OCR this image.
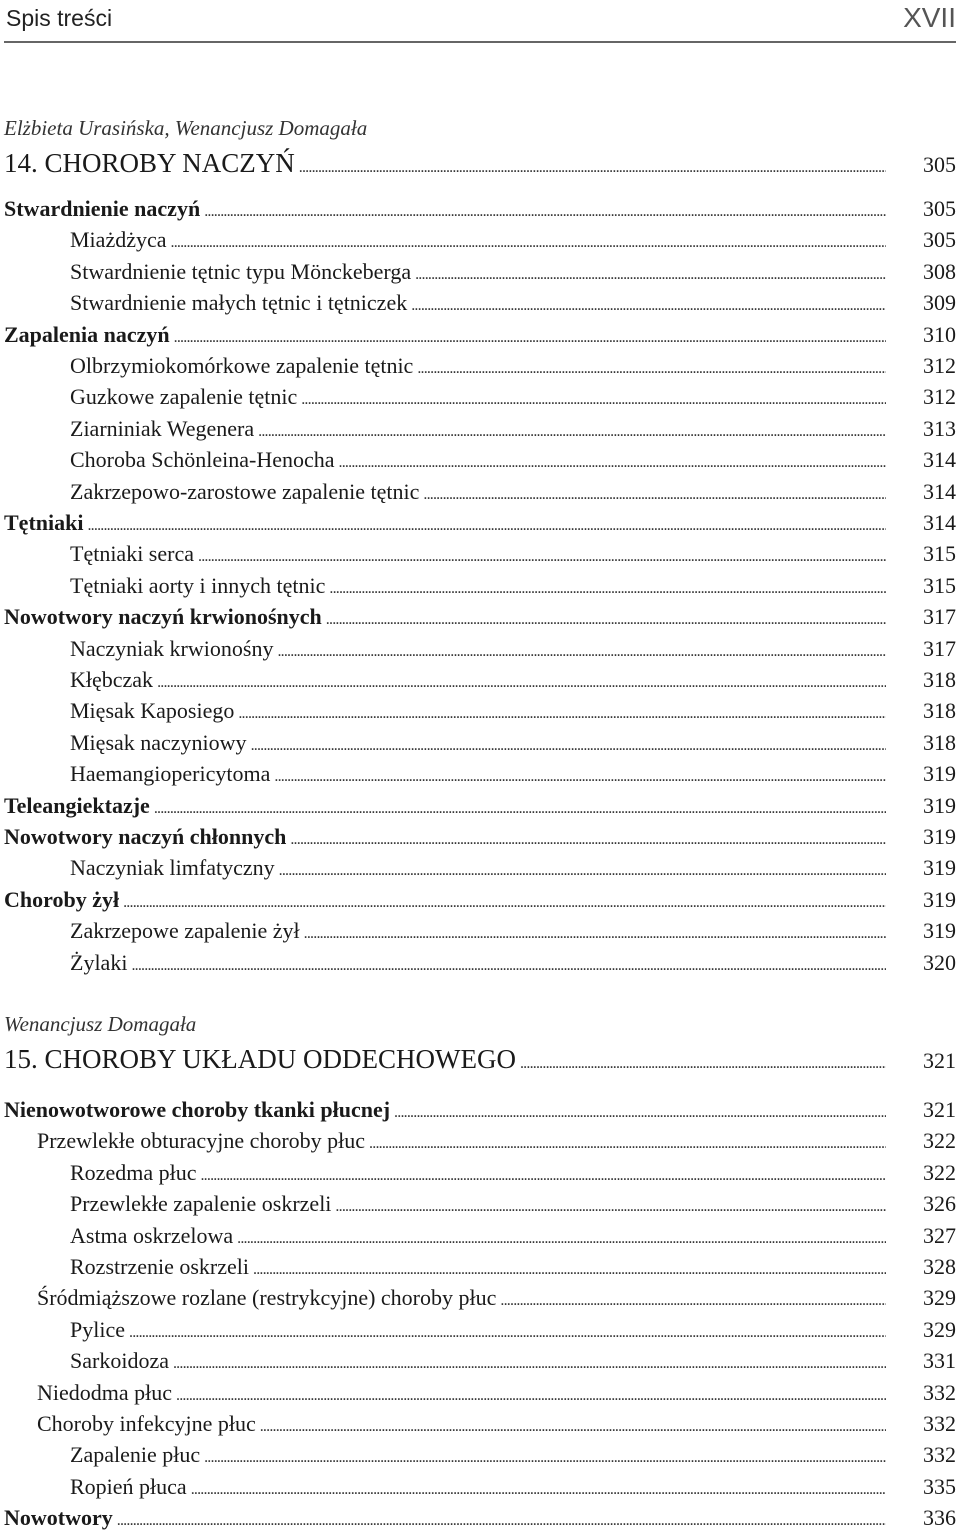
Spis treści	XVII
Elżbieta Urasińska, Wenancjusz Domagała
14. CHOROBY NACZYŃ . . .	305
Stwardnienie naczyń . . .	305
Miażdżyca . . .	305
Stwardnienie tętnic typu Mönckeberga . . .	308
Stwardnienie małych tętnic i tętniczek . . .	309
Zapalenia naczyń . . .	310
Olbrzymiokomórkowe zapalenie tętnic . . .	312
Guzkowe zapalenie tętnic . . .	312
Ziarniniak Wegenera . . .	313
Choroba Schönleina-Henocha . . .	314
Zakrzepowo-zarostowe zapalenie tętnic . . .	314
Tętniaki . . .	314
Tętniaki serca . . .	315
Tętniaki aorty i innych tętnic . . .	315
Nowotwory naczyń krwionośnych . . .	317
Naczyniak krwionośny . . .	317
Kłębczak . . .	318
Mięsak Kaposiego . . .	318
Mięsak naczyniowy . . .	318
Haemangiopericytoma . . .	319
Teleangiektazje . . .	319
Nowotwory naczyń chłonnych . . .	319
Naczyniak limfatyczny . . .	319
Choroby żył . . .	319
Zakrzepowe zapalenie żył . . .	319
Żylaki . . .	320
Wenancjusz Domagała
15. CHOROBY UKŁADU ODDECHOWEGO . . .	321
Nienowotworowe choroby tkanki płucnej . . .	321
Przewlekłe obturacyjne choroby płuc . . .	322
Rozedma płuc . . .	322
Przewlekłe zapalenie oskrzeli . . .	326
Astma oskrzelowa . . .	327
Rozstrzenie oskrzeli . . .	328
Śródmiąższowe rozlane (restrykcyjne) choroby płuc . . .	329
Pylice . . .	329
Sarkoidoza . . .	331
Niedodma płuc . . .	332
Choroby infekcyjne płuc . . .	332
Zapalenie płuc . . .	332
Ropień płuca . . .	335
Nowotwory . . .	336
